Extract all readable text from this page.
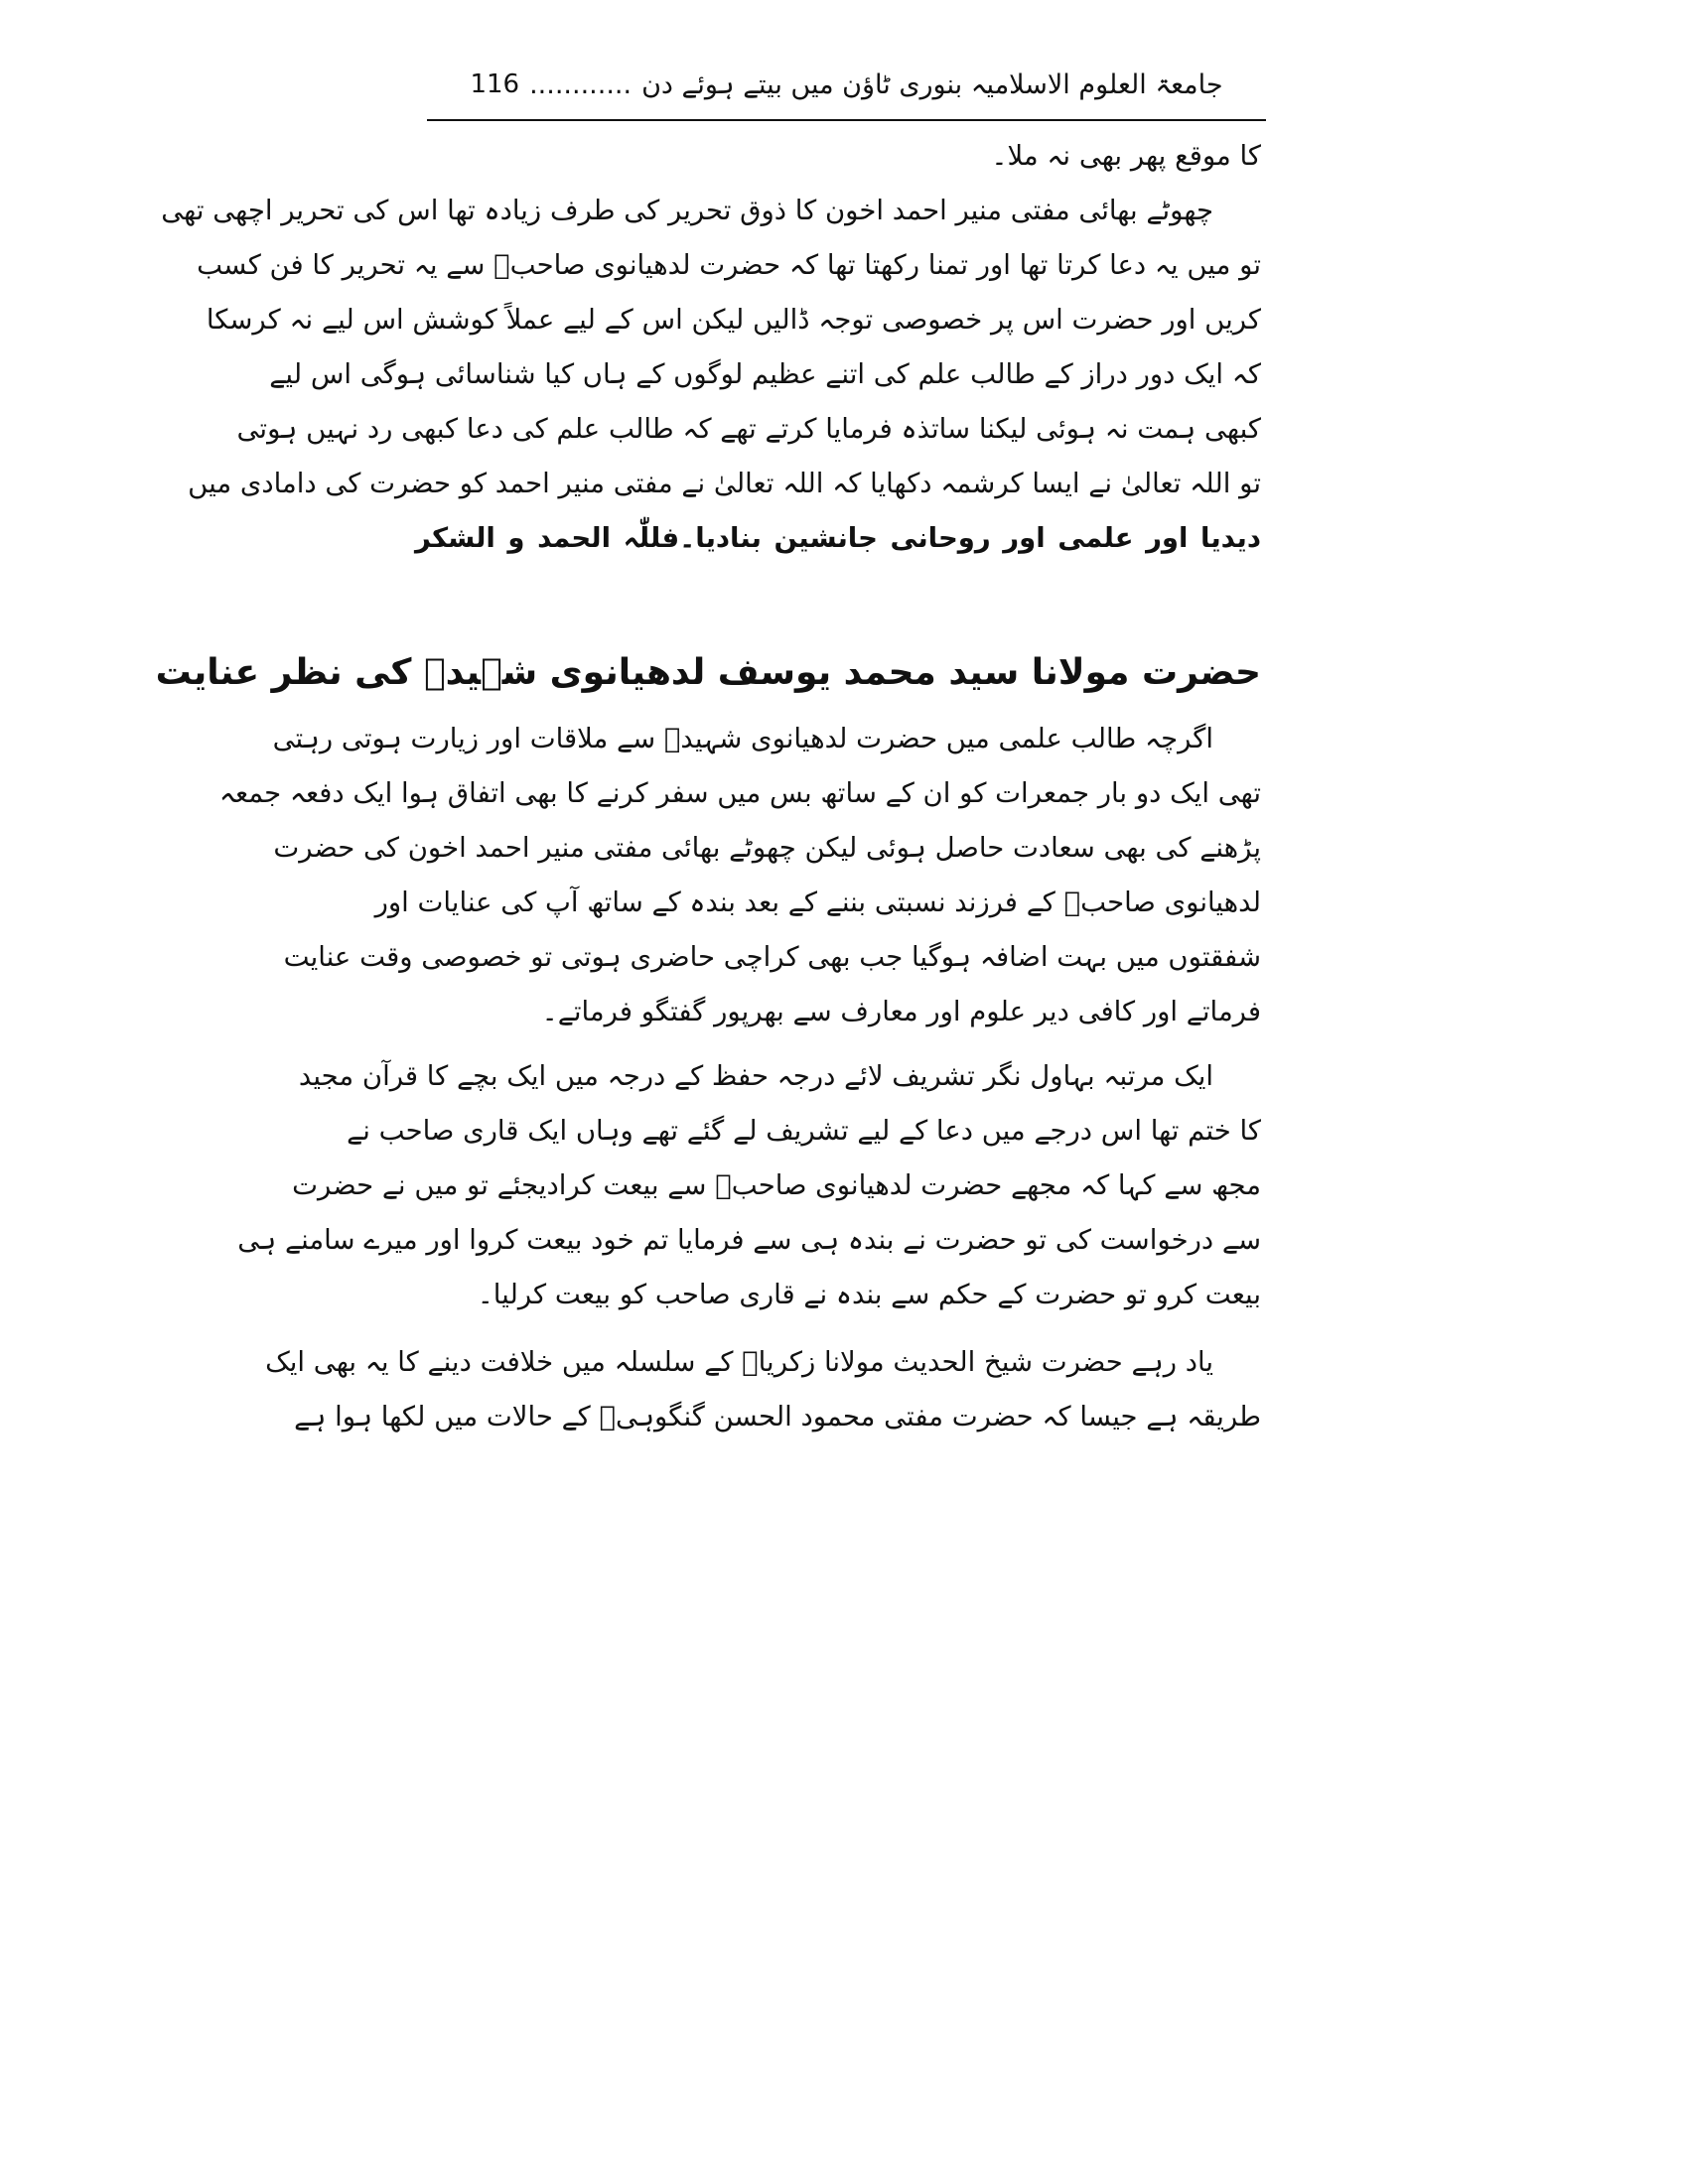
جامعۃ العلوم الاسلامیہ بنوری ٹاؤن میں بیتے ہوئے دن
............
116
کا موقع پھر بھی نہ ملا۔
چھوٹے بھائی مفتی منیر احمد اخون کا ذوق تحریر کی طرف زیادہ تھا اس کی تحریر اچھی تھی
تو میں یہ دعا کرتا تھا اور تمنا رکھتا تھا کہ حضرت لدھیانوی صاحبؒ سے یہ تحریر کا فن کسب
کریں اور حضرت اس پر خصوصی توجہ ڈالیں لیکن اس کے لیے عملاً کوشش اس لیے نہ کرسکا
کہ ایک دور دراز کے طالب علم کی اتنے عظیم لوگوں کے ہاں کیا شناسائی ہوگی اس لیے
کبھی ہمت نہ ہوئی لیکنا ساتذہ فرمایا کرتے تھے کہ طالب علم کی دعا کبھی رد نہیں ہوتی
تو اللہ تعالیٰ نے ایسا کرشمہ دکھایا کہ اللہ تعالیٰ نے مفتی منیر احمد کو حضرت کی دامادی میں
دیدیا اور علمی اور روحانی جانشین بنادیا۔فللّٰہ الحمد و الشکر
حضرت مولانا سید محمد یوسف لدھیانوی شہیدؒ کی نظر عنایت
اگرچہ طالب علمی میں حضرت لدھیانوی شہیدؒ سے ملاقات اور زیارت ہوتی رہتی
تھی ایک دو بار جمعرات کو ان کے ساتھ بس میں سفر کرنے کا بھی اتفاق ہوا ایک دفعہ جمعہ
پڑھنے کی بھی سعادت حاصل ہوئی لیکن چھوٹے بھائی مفتی منیر احمد اخون کی حضرت
لدھیانوی صاحبؒ کے فرزند نسبتی بننے کے بعد بندہ کے ساتھ آپ کی عنایات اور
شفقتوں میں بہت اضافہ ہوگیا جب بھی کراچی حاضری ہوتی تو خصوصی وقت عنایت
فرماتے اور کافی دیر علوم اور معارف سے بھرپور گفتگو فرماتے۔
ایک مرتبہ بہاول نگر تشریف لائے درجہ حفظ کے درجہ میں ایک بچے کا قرآن مجید
کا ختم تھا اس درجے میں دعا کے لیے تشریف لے گئے تھے وہاں ایک قاری صاحب نے
مجھ سے کہا کہ مجھے حضرت لدھیانوی صاحبؒ سے بیعت کرادیجئے تو میں نے حضرت
سے درخواست کی تو حضرت نے بندہ ہی سے فرمایا تم خود بیعت کروا اور میرے سامنے ہی
بیعت کرو تو حضرت کے حکم سے بندہ نے قاری صاحب کو بیعت کرلیا۔
یاد رہے حضرت شیخ الحدیث مولانا زکریاؒ کے سلسلہ میں خلافت دینے کا یہ بھی ایک
طریقہ ہے جیسا کہ حضرت مفتی محمود الحسن گنگوہیؒ کے حالات میں لکھا ہوا ہے
